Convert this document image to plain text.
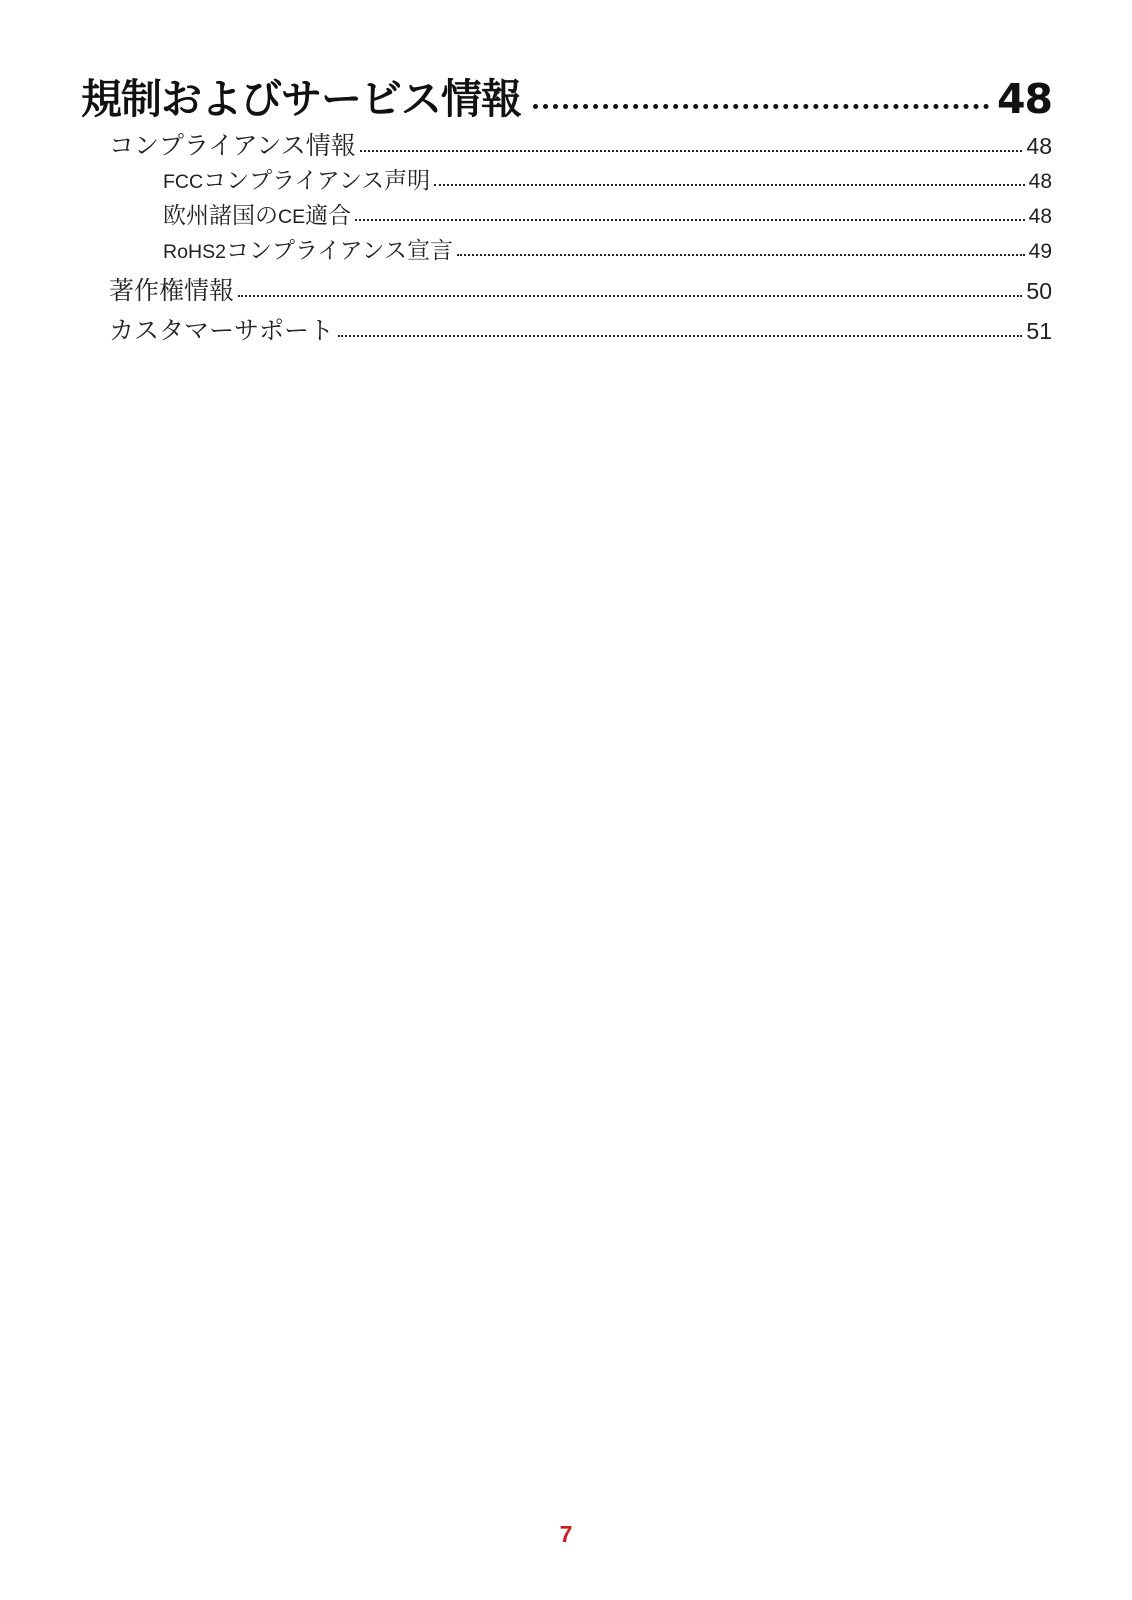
規制およびサービス情報	48
コンプライアンス情報	48
FCCコンプライアンス声明	48
欧州諸国のCE適合	48
RoHS2コンプライアンス宣言	49
著作権情報	50
カスタマーサポート	51
7
